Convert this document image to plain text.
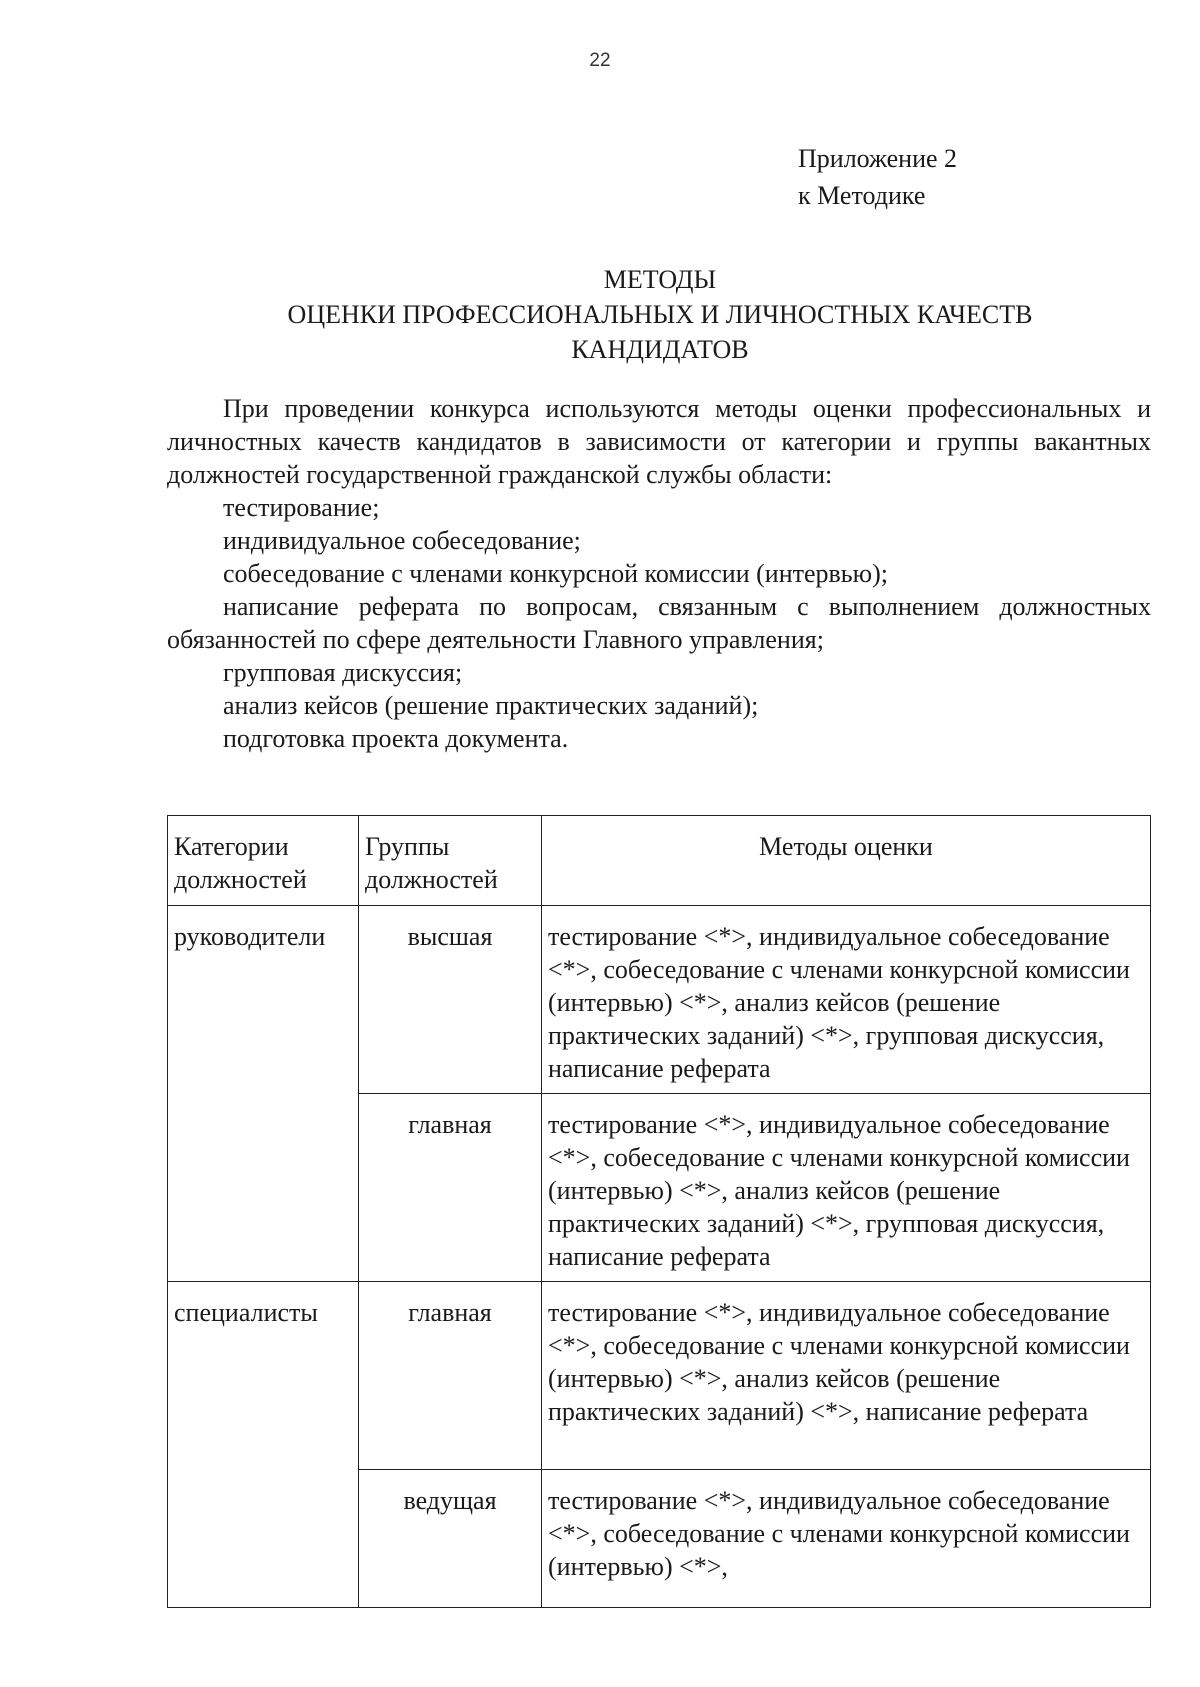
22
Приложение 2
к Методике
МЕТОДЫ
ОЦЕНКИ ПРОФЕССИОНАЛЬНЫХ И ЛИЧНОСТНЫХ КАЧЕСТВ
КАНДИДАТОВ

При проведении конкурса используются методы оценки профессиональных и личностных качеств кандидатов в зависимости от категории и группы вакантных должностей государственной гражданской службы области:

тестирование;

индивидуальное собеседование;

собеседование с членами конкурсной комиссии (интервью);

написание реферата по вопросам, связанным с выполнением должностных обязанностей по сфере деятельности Главного управления;

групповая дискуссия;

анализ кейсов (решение практических заданий);

подготовка проекта документа.

Категории должностей	Группы должностей	Методы оценки
руководители	высшая	тестирование <*>, индивидуальное собеседование <*>, собеседование с членами конкурсной комиссии (интервью) <*>, анализ кейсов (решение практических заданий) <*>, групповая дискуссия, написание реферата
	главная	тестирование <*>, индивидуальное собеседование <*>, собеседование с членами конкурсной комиссии (интервью) <*>, анализ кейсов (решение практических заданий) <*>, групповая дискуссия, написание реферата
специалисты	главная	тестирование <*>, индивидуальное собеседование <*>, собеседование с членами конкурсной комиссии (интервью) <*>, анализ кейсов (решение практических заданий) <*>, написание реферата
	ведущая	тестирование <*>, индивидуальное собеседование <*>, собеседование с членами конкурсной комиссии (интервью) <*>,
